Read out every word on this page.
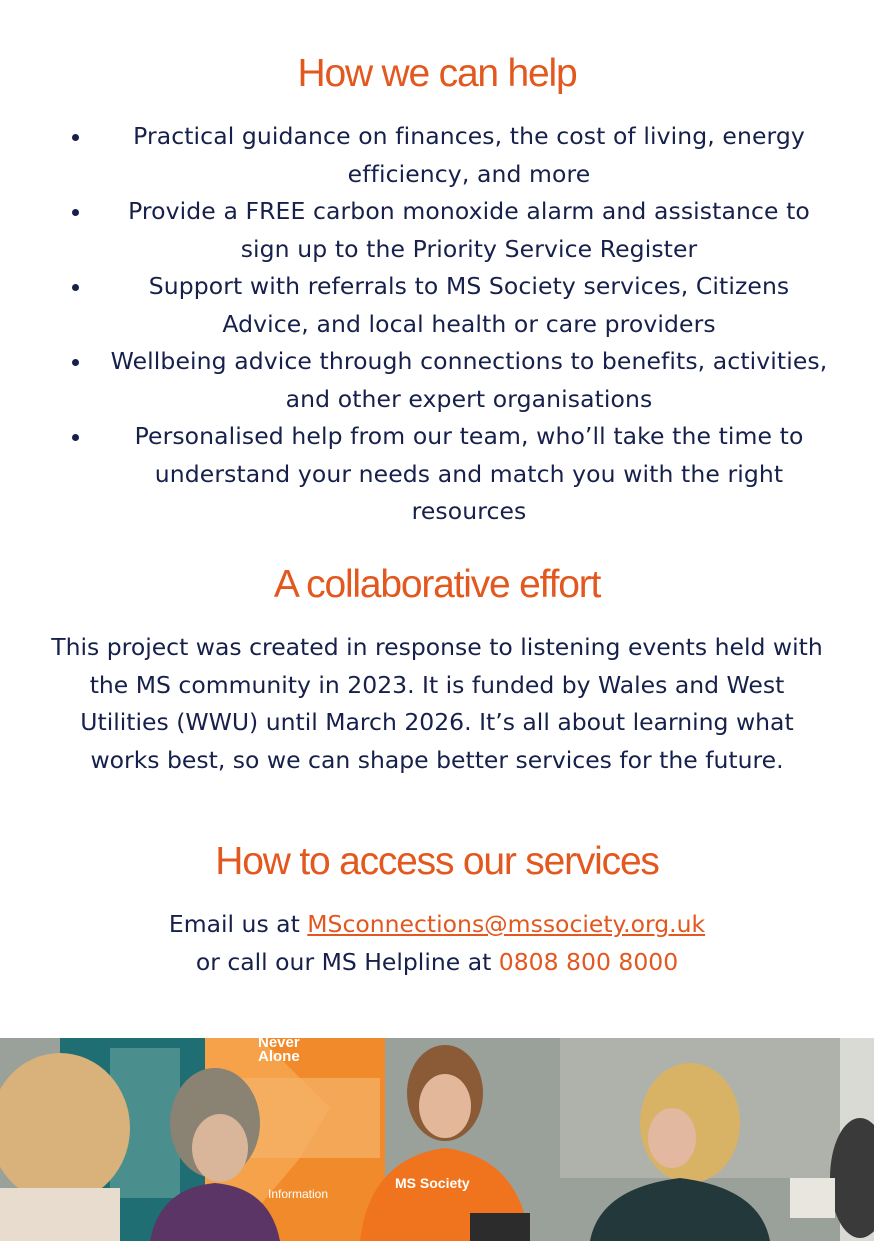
How we can help
Practical guidance on finances, the cost of living, energy efficiency, and more
Provide a FREE carbon monoxide alarm and assistance to sign up to the Priority Service Register
Support with referrals to MS Society services, Citizens Advice, and local health or care providers
Wellbeing advice through connections to benefits, activities, and other expert organisations
Personalised help from our team, who’ll take the time to understand your needs and match you with the right resources
A collaborative effort

This project was created in response to listening events held with the MS community in 2023. It is funded by Wales and West Utilities (WWU) until March 2026. It’s all about learning what works best, so we can shape better services for the future.

How to access our services
Email us at MSconnections@mssociety.org.uk
or call our MS Helpline at 0808 800 8000
Never
Alone
Information
MS Society
